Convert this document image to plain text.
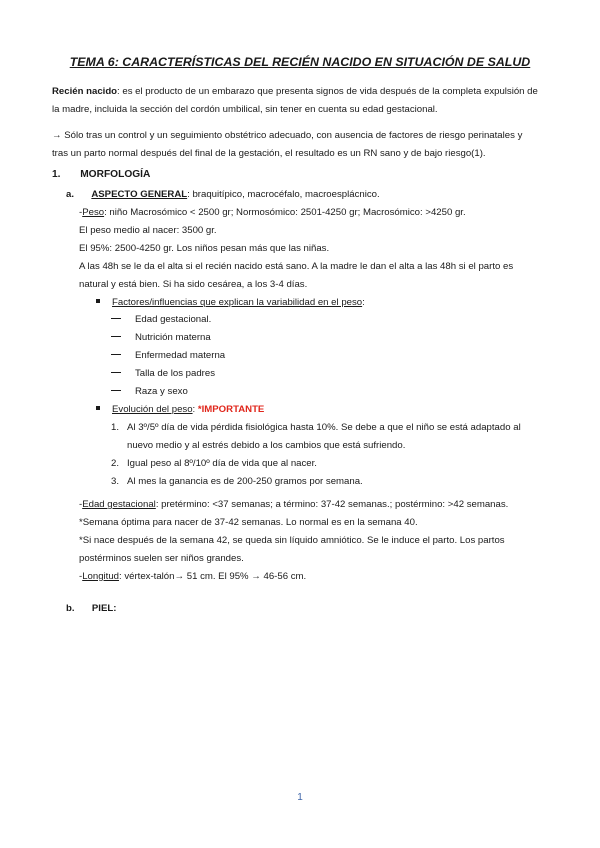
TEMA 6: CARACTERÍSTICAS DEL RECIÉN NACIDO EN SITUACIÓN DE SALUD
Recién nacido: es el producto de un embarazo que presenta signos de vida después de la completa expulsión de
la madre, incluida la sección del cordón umbilical, sin tener en cuenta su edad gestacional.
→ Sólo tras un control y un seguimiento obstétrico adecuado, con ausencia de factores de riesgo perinatales y
tras un parto normal después del final de la gestación, el resultado es un RN sano y de bajo riesgo(1).
1. MORFOLOGÍA
a. ASPECTO GENERAL: braquitípico, macrocéfalo, macroesplácnico.
-Peso: niño Macrosómico < 2500 gr; Normosómico: 2501-4250 gr; Macrosómico: >4250 gr.
El peso medio al nacer: 3500 gr.
El 95%: 2500-4250 gr. Los niños pesan más que las niñas.
A las 48h se le da el alta si el recién nacido está sano. A la madre le dan el alta a las 48h si el parto es
natural y está bien. Si ha sido cesárea, a los 3-4 días.
Factores/influencias que explican la variabilidad en el peso:
Edad gestacional.
Nutrición materna
Enfermedad materna
Talla de los padres
Raza y sexo
Evolución del peso: *IMPORTANTE
1. Al 3º/5º día de vida pérdida fisiológica hasta 10%. Se debe a que el niño se está adaptado al
nuevo medio y al estrés debido a los cambios que está sufriendo.
2. Igual peso al 8º/10º día de vida que al nacer.
3. Al mes la ganancia es de 200-250 gramos por semana.
-Edad gestacional: pretérmino: <37 semanas; a término: 37-42 semanas.; postérmino: >42 semanas.
*Semana óptima para nacer de 37-42 semanas. Lo normal es en la semana 40.
*Si nace después de la semana 42, se queda sin líquido amniótico. Se le induce el parto. Los partos
postérminos suelen ser niños grandes.
-Longitud: vértex-talón→ 51 cm. El 95% → 46-56 cm.
b. PIEL:
1
